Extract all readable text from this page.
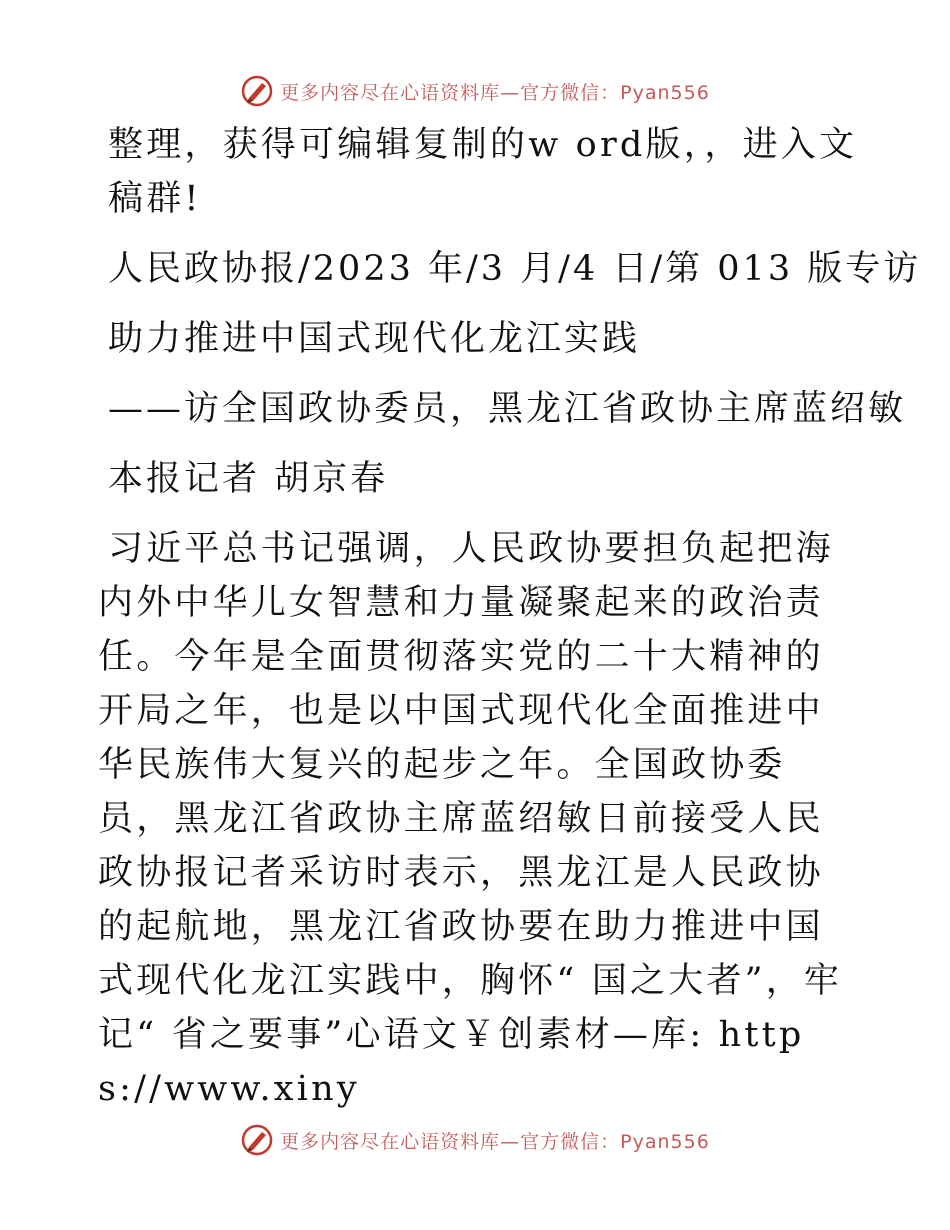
更多内容尽在心语资料库—官方微信：Pyan556
整理，获得可编辑复制的w ord版，，进入文稿群!
人民政协报/2023 年/3 月/4 日/第 013 版专访
助力推进中国式现代化龙江实践
——访全国政协委员，黑龙江省政协主席蓝绍敏
本报记者 胡京春
习近平总书记强调，人民政协要担负起把海内外中华儿女智慧和力量凝聚起来的政治责任。今年是全面贯彻落实党的二十大精神的开局之年，也是以中国式现代化全面推进中华民族伟大复兴的起步之年。全国政协委员，黑龙江省政协主席蓝绍敏日前接受人民政协报记者采访时表示，黑龙江是人民政协的起航地，黑龙江省政协要在助力推进中国式现代化龙江实践中，胸怀“ 国之大者”，牢记“ 省之要事”心语文￥创素材—库: https://www.xiny
更多内容尽在心语资料库—官方微信：Pyan556
